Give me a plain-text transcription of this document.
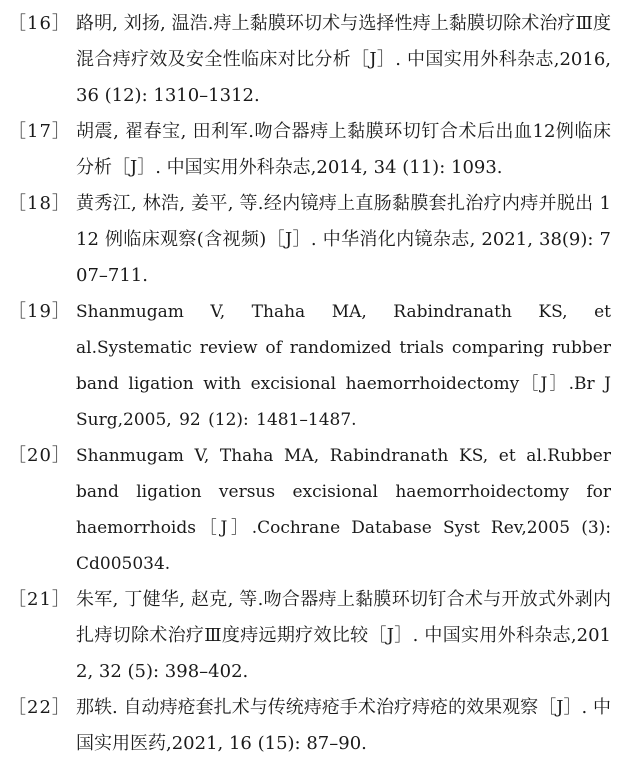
［16］ 路明, 刘扬, 温浩.痔上黏膜环切术与选择性痔上黏膜切除术治疗Ⅲ度混合痔疗效及安全性临床对比分析［J］. 中国实用外科杂志,2016, 36 (12): 1310–1312.
［17］ 胡震, 翟春宝, 田利军.吻合器痔上黏膜环切钉合术后出血12例临床分析［J］. 中国实用外科杂志,2014, 34 (11): 1093.
［18］ 黄秀江, 林浩, 姜平, 等.经内镜痔上直肠黏膜套扎治疗内痔并脱出 112 例临床观察(含视频)［J］. 中华消化内镜杂志, 2021, 38(9): 707–711.
［19］ Shanmugam V, Thaha MA, Rabindranath KS, et al.Systematic review of randomized trials comparing rubber band ligation with excisional haemorrhoidectomy［J］.Br J Surg,2005, 92 (12): 1481–1487.
［20］ Shanmugam V, Thaha MA, Rabindranath KS, et al.Rubber band ligation versus excisional haemorrhoidectomy for haemorrhoids［J］.Cochrane Database Syst Rev,2005 (3): Cd005034.
［21］ 朱军, 丁健华, 赵克, 等.吻合器痔上黏膜环切钉合术与开放式外剥内扎痔切除术治疗Ⅲ度痔远期疗效比较［J］. 中国实用外科杂志,2012, 32 (5): 398–402.
［22］ 那轶. 自动痔疮套扎术与传统痔疮手术治疗痔疮的效果观察［J］. 中国实用医药,2021, 16 (15): 87–90.
